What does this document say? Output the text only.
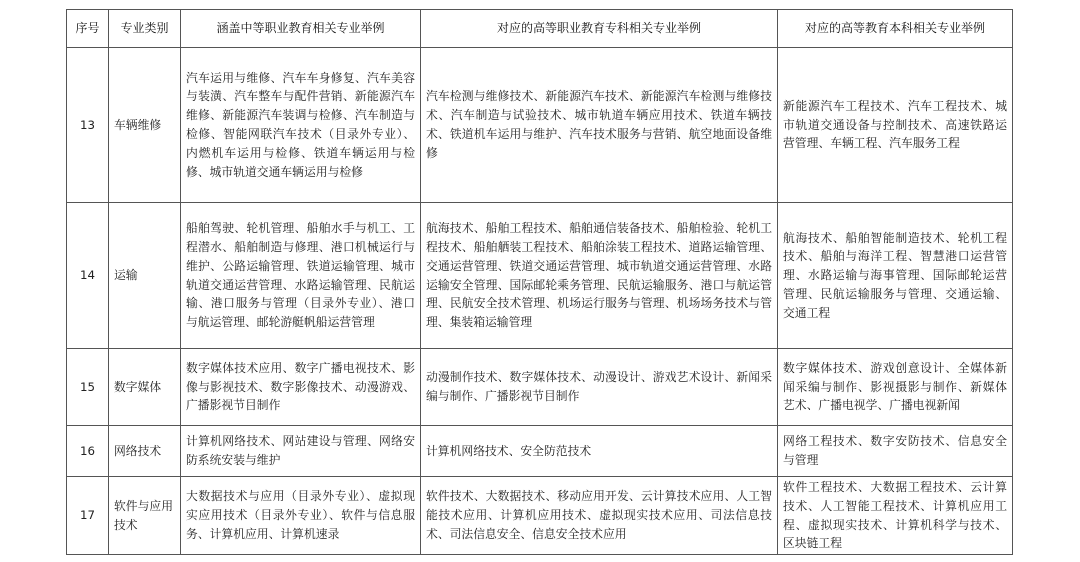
序号	专业类别	涵盖中等职业教育相关专业举例	对应的高等职业教育专科相关专业举例	对应的高等教育本科相关专业举例
13	车辆维修	汽车运用与维修、汽车车身修复、汽车美容与装潢、汽车整车与配件营销、新能源汽车维修、新能源汽车装调与检修、汽车制造与检修、智能网联汽车技术（目录外专业）、内燃机车运用与检修、铁道车辆运用与检修、城市轨道交通车辆运用与检修	汽车检测与维修技术、新能源汽车技术、新能源汽车检测与维修技术、汽车制造与试验技术、城市轨道车辆应用技术、铁道车辆技术、铁道机车运用与维护、汽车技术服务与营销、航空地面设备维修	新能源汽车工程技术、汽车工程技术、城市轨道交通设备与控制技术、高速铁路运营管理、车辆工程、汽车服务工程
14	运输	船舶驾驶、轮机管理、船舶水手与机工、工程潜水、船舶制造与修理、港口机械运行与维护、公路运输管理、铁道运输管理、城市轨道交通运营管理、水路运输管理、民航运输、港口服务与管理（目录外专业）、港口与航运管理、邮轮游艇帆船运营管理	航海技术、船舶工程技术、船舶通信装备技术、船舶检验、轮机工程技术、船舶舾装工程技术、船舶涂装工程技术、道路运输管理、交通运营管理、铁道交通运营管理、城市轨道交通运营管理、水路运输安全管理、国际邮轮乘务管理、民航运输服务、港口与航运管理、民航安全技术管理、机场运行服务与管理、机场场务技术与管理、集装箱运输管理	航海技术、船舶智能制造技术、轮机工程技术、船舶与海洋工程、智慧港口运营管理、水路运输与海事管理、国际邮轮运营管理、民航运输服务与管理、交通运输、交通工程
15	数字媒体	数字媒体技术应用、数字广播电视技术、影像与影视技术、数字影像技术、动漫游戏、广播影视节目制作	动漫制作技术、数字媒体技术、动漫设计、游戏艺术设计、新闻采编与制作、广播影视节目制作	数字媒体技术、游戏创意设计、全媒体新闻采编与制作、影视摄影与制作、新媒体艺术、广播电视学、广播电视新闻
16	网络技术	计算机网络技术、网站建设与管理、网络安防系统安装与维护	计算机网络技术、安全防范技术	网络工程技术、数字安防技术、信息安全与管理
17	软件与应用技术	大数据技术与应用（目录外专业）、虚拟现实应用技术（目录外专业）、软件与信息服务、计算机应用、计算机速录	软件技术、大数据技术、移动应用开发、云计算技术应用、人工智能技术应用、计算机应用技术、虚拟现实技术应用、司法信息技术、司法信息安全、信息安全技术应用	软件工程技术、大数据工程技术、云计算技术、人工智能工程技术、计算机应用工程、虚拟现实技术、计算机科学与技术、区块链工程
